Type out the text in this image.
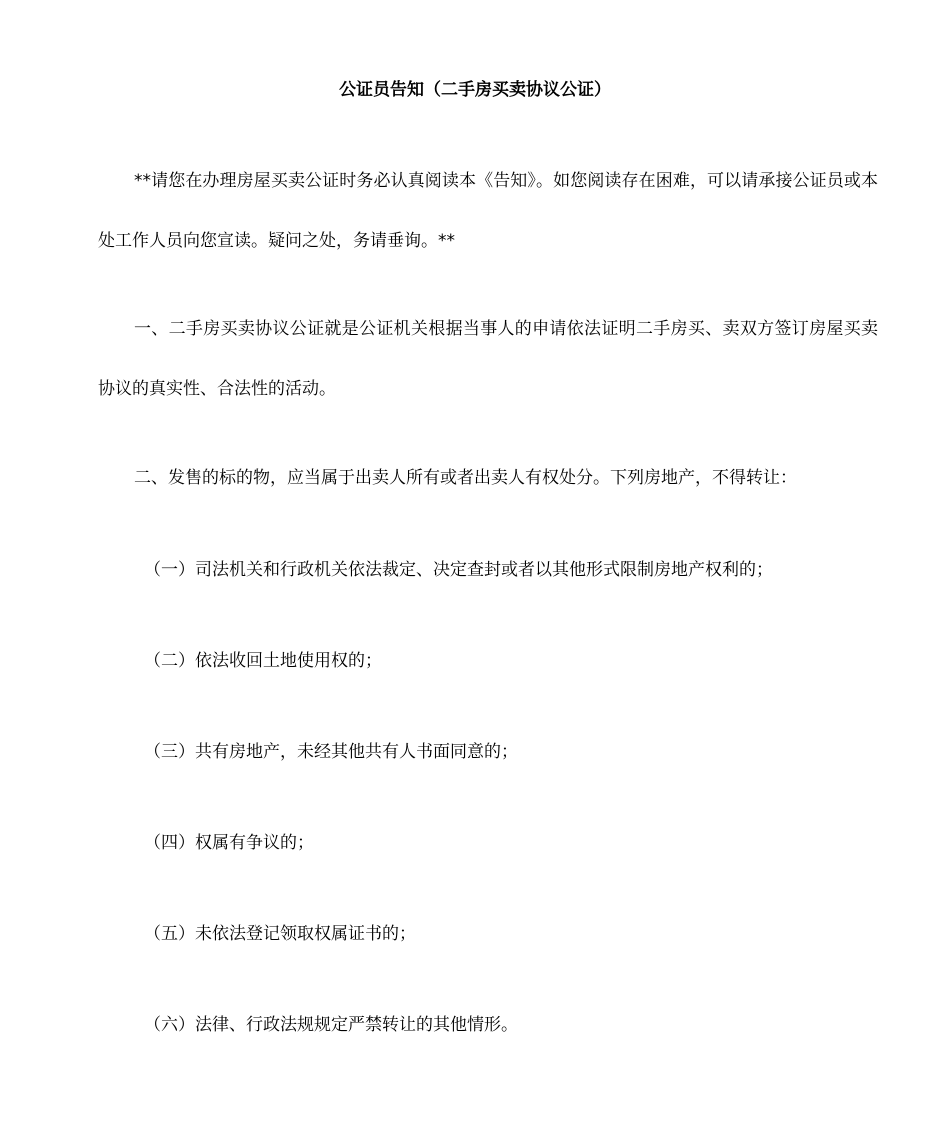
公证员告知（二手房买卖协议公证）
**请您在办理房屋买卖公证时务必认真阅读本《告知》。如您阅读存在困难，可以请承接公证员或本处工作人员向您宣读。疑问之处，务请垂询。**
一、二手房买卖协议公证就是公证机关根据当事人的申请依法证明二手房买、卖双方签订房屋买卖协议的真实性、合法性的活动。
二、发售的标的物，应当属于出卖人所有或者出卖人有权处分。下列房地产，不得转让：
（一）司法机关和行政机关依法裁定、决定查封或者以其他形式限制房地产权利的；
（二）依法收回土地使用权的；
（三）共有房地产，未经其他共有人书面同意的；
（四）权属有争议的；
（五）未依法登记领取权属证书的；
（六）法律、行政法规规定严禁转让的其他情形。
